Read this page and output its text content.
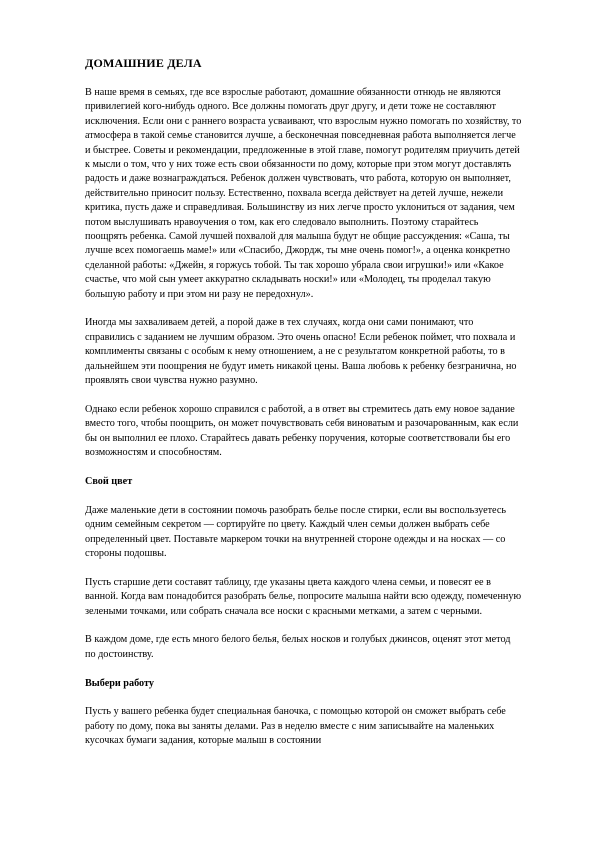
ДОМАШНИЕ ДЕЛА

В наше время в семьях, где все взрослые работают, домашние обязанности отнюдь не являются привилегией кого-нибудь одного. Все должны помогать друг другу, и дети тоже не составляют исключения. Если они с раннего возраста усваивают, что взрослым нужно помогать по хозяйству, то атмосфера в такой семье становится лучше, а бесконечная повседневная работа выполняется легче и быстрее. Советы и рекомендации, предложенные в этой главе, помогут родителям приучить детей к мысли о том, что у них тоже есть свои обязанности по дому, которые при этом могут доставлять радость и даже вознаграждаться. Ребенок должен чувствовать, что работа, которую он выполняет, действительно приносит пользу. Естественно, похвала всегда действует на детей лучше, нежели критика, пусть даже и справедливая. Большинству из них легче просто уклониться от задания, чем потом выслушивать нравоучения о том, как его следовало выполнить. Поэтому старайтесь поощрять ребенка. Самой лучшей похвалой для малыша будут не общие рассуждения: «Саша, ты лучше всех помогаешь маме!» или «Спасибо, Джордж, ты мне очень помог!», а оценка конкретно сделанной работы: «Джейн, я горжусь тобой. Ты так хорошо убрала свои игрушки!» или «Какое счастье, что мой сын умеет аккуратно складывать носки!» или «Молодец, ты проделал такую большую работу и при этом ни разу не передохнул».

Иногда мы захваливаем детей, а порой даже в тех случаях, когда они сами понимают, что справились с заданием не лучшим образом. Это очень опасно! Если ребенок поймет, что похвала и комплименты связаны с особым к нему отношением, а не с результатом конкретной работы, то в дальнейшем эти поощрения не будут иметь никакой цены. Ваша любовь к ребенку безгранична, но проявлять свои чувства нужно разумно.

Однако если ребенок хорошо справился с работой, а в ответ вы стремитесь дать ему новое задание вместо того, чтобы поощрить, он может почувствовать себя виноватым и разочарованным, как если бы он выполнил ее плохо. Старайтесь давать ребенку поручения, которые соответствовали бы его возможностям и способностям.

Свой цвет

Даже маленькие дети в состоянии помочь разобрать белье после стирки, если вы воспользуетесь одним семейным секретом — сортируйте по цвету. Каждый член семьи должен выбрать себе определенный цвет. Поставьте маркером точки на внутренней стороне одежды и на носках — со стороны подошвы.

Пусть старшие дети составят таблицу, где указаны цвета каждого члена семьи, и повесят ее в ванной. Когда вам понадобится разобрать белье, попросите малыша найти всю одежду, помеченную зелеными точками, или собрать сначала все носки с красными метками, а затем с черными.

В каждом доме, где есть много белого белья, белых носков и голубых джинсов, оценят этот метод по достоинству.

Выбери работу

Пусть у вашего ребенка будет специальная баночка, с помощью которой он сможет выбрать себе работу по дому, пока вы заняты делами. Раз в неделю вместе с ним записывайте на маленьких кусочках бумаги задания, которые малыш в состоянии
